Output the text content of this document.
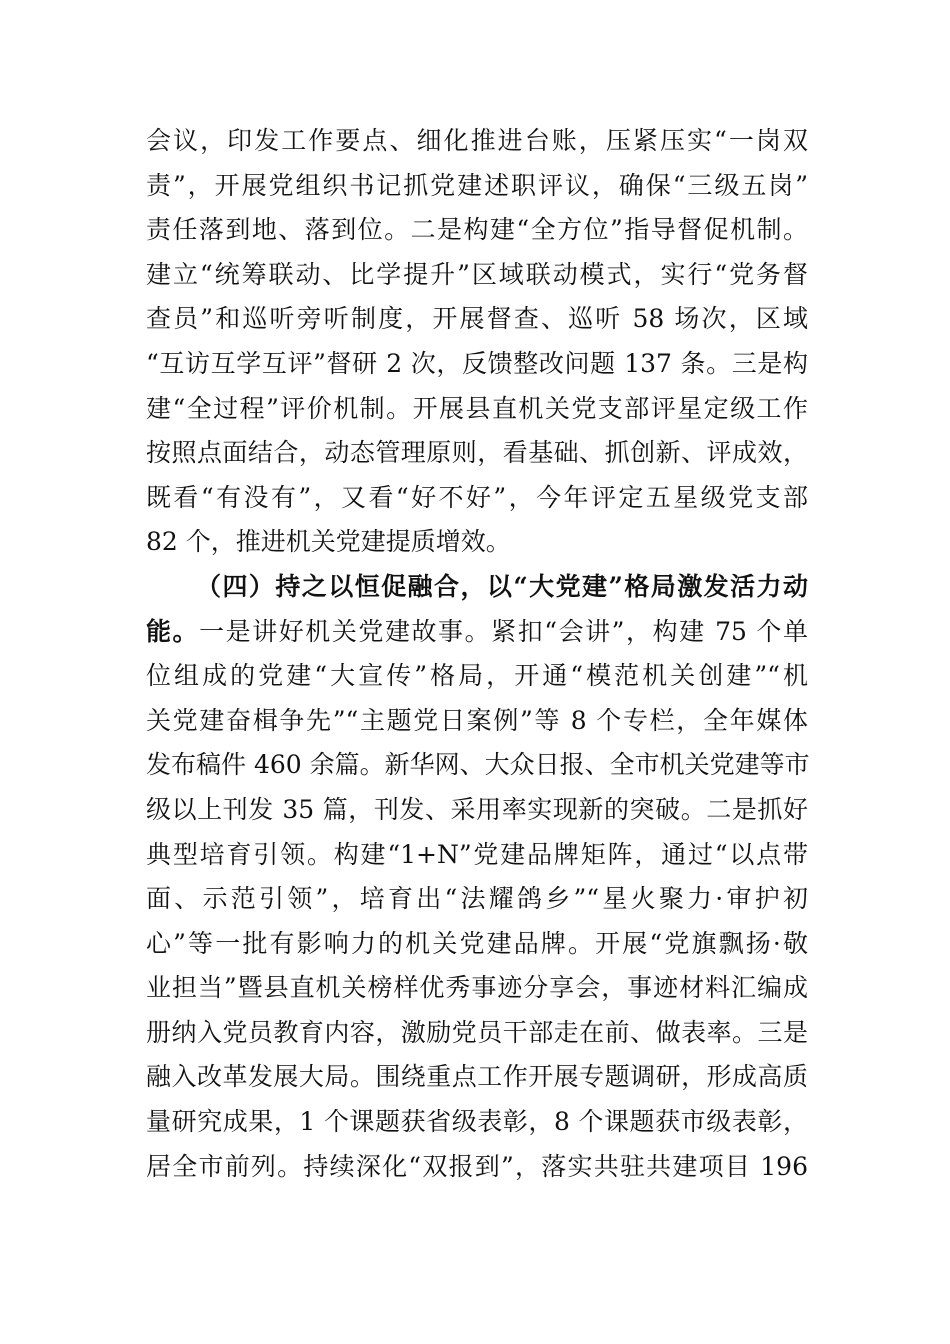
会议，印发工作要点、细化推进台账，压紧压实“一岗双
责”，开展党组织书记抓党建述职评议，确保“三级五岗”
责任落到地、落到位。二是构建“全方位”指导督促机制。
建立“统筹联动、比学提升”区域联动模式，实行“党务督
查员”和巡听旁听制度，开展督查、巡听 58 场次，区域
“互访互学互评”督研 2 次，反馈整改问题 137 条。三是构
建“全过程”评价机制。开展县直机关党支部评星定级工作
按照点面结合，动态管理原则，看基础、抓创新、评成效，
既看“有没有”，又看“好不好”，今年评定五星级党支部
82 个，推进机关党建提质增效。
（四）持之以恒促融合，以“大党建”格局激发活力动
能。一是讲好机关党建故事。紧扣“会讲”，构建 75 个单
位组成的党建“大宣传”格局，开通“模范机关创建”“机
关党建奋楫争先”“主题党日案例”等 8 个专栏，全年媒体
发布稿件 460 余篇。新华网、大众日报、全市机关党建等市
级以上刊发 35 篇，刊发、采用率实现新的突破。二是抓好
典型培育引领。构建“1+N”党建品牌矩阵，通过“以点带
面、示范引领”，培育出“法耀鸽乡”“星火聚力·审护初
心”等一批有影响力的机关党建品牌。开展“党旗飘扬·敬
业担当”暨县直机关榜样优秀事迹分享会，事迹材料汇编成
册纳入党员教育内容，激励党员干部走在前、做表率。三是
融入改革发展大局。围绕重点工作开展专题调研，形成高质
量研究成果，1 个课题获省级表彰，8 个课题获市级表彰，
居全市前列。持续深化“双报到”，落实共驻共建项目 196
